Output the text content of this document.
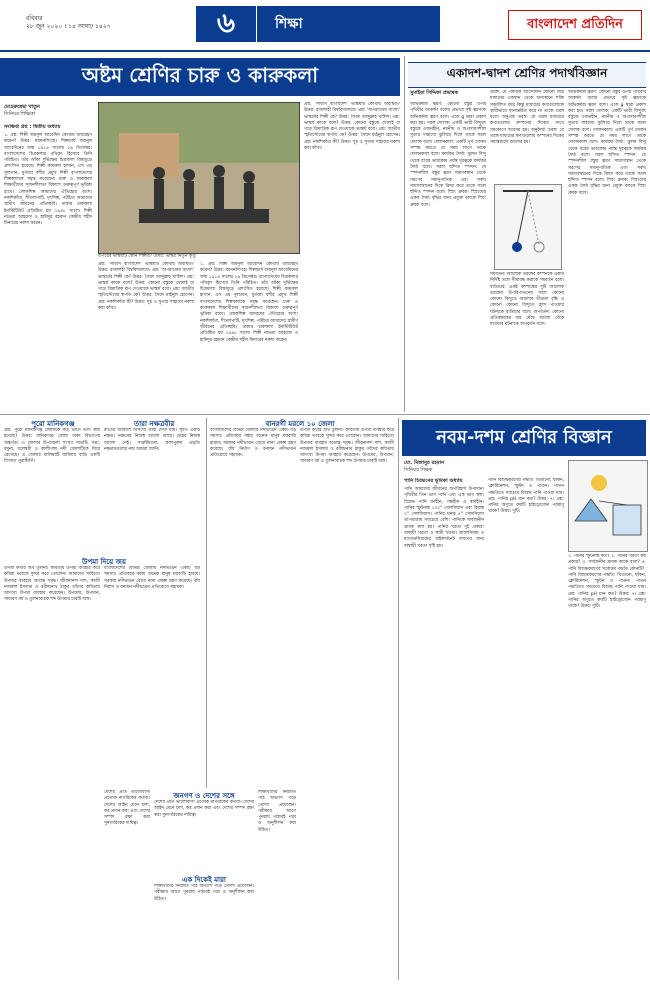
রবিবার
২৮ জুন ২০২০ । ১৪ আষাঢ় ১৪২৭	৬	শিক্ষা	বাংলাদেশ প্রতিদিন
অষ্টম শ্রেণির চারু ও কারুকলা
মেহেরুন্নেছা খাতুন
সিনিয়র শিক্ষিকা
সংক্ষিপ্ত প্রশ্ন : দ্বিতীয় অধ্যায়

১. প্রশ্ন: শিল্পী জয়নুল আবেদিন কোথায় জন্মগ্রহণ করেন? উত্তর: ময়মনসিংহে। শিল্পাচার্য জয়নুল আবেদিনের জন্ম ১৯১৪ সালের ২৯ ডিসেম্বর। বাংলাদেশের চিত্রকলার পথিকৃৎ হিসেবে তিনি পরিচিত। তাঁর আঁকা দুর্ভিক্ষের চিত্রমালা বিশ্বজুড়ে প্রশংসিত হয়েছে। শিল্পী কামরুল হাসান, এস এম সুলতান, মুর্তজা বশীর প্রমুখ শিল্পী বাংলাদেশের শিল্পকলাকে সমৃদ্ধ করেছেন। চারু ও কারুকলা শিক্ষার্থীদের সৃজনশীলতা বিকাশে গুরুত্বপূর্ণ ভূমিকা রাখে। লোকশিল্প আমাদের ঐতিহ্যের অংশ। নকশিকাঁথা, শীতলপাটি, মৃৎশিল্প, পটচিত্র আমাদের গ্রামীণ জীবনের প্রতিচ্ছবি। ঢাকার চারুকলা ইনস্টিটিউট প্রতিষ্ঠিত হয় ১৯৪৮ সালে। শিল্পী নভেরা আহমেদ ও হামিদুর রহমান কেন্দ্রীয় শহীদ মিনারের নকশা করেন।

উপরের ভাস্কর্যটি কোন শিল্পীর? উত্তর: ভাস্কর নিতুন কুণ্ডু

প্রশ্ন: ‘সাবাস বাংলাদেশ’ ভাস্কর্যটি কোথায় অবস্থিত? উত্তর: রাজশাহী বিশ্ববিদ্যালয়ে। প্রশ্ন: ‘অপরাজেয় বাংলা’ ভাস্কর্যের শিল্পী কে? উত্তর: সৈয়দ আব্দুল্লাহ খালিদ। প্রশ্ন: ভাস্কর্য কাকে বলে? উত্তর: কোনো বস্তুকে খোদাই বা গড়ে ত্রিমাত্রিক রূপ দেওয়াকে ভাস্কর্য বলে। প্রশ্ন: জাতীয় স্মৃতিসৌধের স্থপতি কে? উত্তর: সৈয়দ মাইনুল হোসেন। প্রশ্ন: নকশিকাঁথা কী? উত্তর: সুচ ও সুতার সাহায্যে নকশা করা কাঁথা।

১. প্রশ্ন: শিল্পী জয়নুল আবেদিন কোথায় জন্মগ্রহণ করেন? উত্তর: ময়মনসিংহে। শিল্পাচার্য জয়নুল আবেদিনের জন্ম ১৯১৪ সালের ২৯ ডিসেম্বর। বাংলাদেশের চিত্রকলার পথিকৃৎ হিসেবে তিনি পরিচিত। তাঁর আঁকা দুর্ভিক্ষের চিত্রমালা বিশ্বজুড়ে প্রশংসিত হয়েছে। শিল্পী কামরুল হাসান, এস এম সুলতান, মুর্তজা বশীর প্রমুখ শিল্পী বাংলাদেশের শিল্পকলাকে সমৃদ্ধ করেছেন। চারু ও কারুকলা শিক্ষার্থীদের সৃজনশীলতা বিকাশে গুরুত্বপূর্ণ ভূমিকা রাখে। লোকশিল্প আমাদের ঐতিহ্যের অংশ। নকশিকাঁথা, শীতলপাটি, মৃৎশিল্প, পটচিত্র আমাদের গ্রামীণ জীবনের প্রতিচ্ছবি। ঢাকার চারুকলা ইনস্টিটিউট প্রতিষ্ঠিত হয় ১৯৪৮ সালে। শিল্পী নভেরা আহমেদ ও হামিদুর রহমান কেন্দ্রীয় শহীদ মিনারের নকশা করেন।

প্রশ্ন: ‘সাবাস বাংলাদেশ’ ভাস্কর্যটি কোথায় অবস্থিত? উত্তর: রাজশাহী বিশ্ববিদ্যালয়ে। প্রশ্ন: ‘অপরাজেয় বাংলা’ ভাস্কর্যের শিল্পী কে? উত্তর: সৈয়দ আব্দুল্লাহ খালিদ। প্রশ্ন: ভাস্কর্য কাকে বলে? উত্তর: কোনো বস্তুকে খোদাই বা গড়ে ত্রিমাত্রিক রূপ দেওয়াকে ভাস্কর্য বলে। প্রশ্ন: জাতীয় স্মৃতিসৌধের স্থপতি কে? উত্তর: সৈয়দ মাইনুল হোসেন। প্রশ্ন: নকশিকাঁথা কী? উত্তর: সুচ ও সুতার সাহায্যে নকশা করা কাঁথা।

একাদশ-দ্বাদশ শ্রেণির পদার্থবিজ্ঞান
সুমাইয়া সিদ্দিকা প্রভাষক

অভিকর্ষজ ত্বরণ: কোনো বস্তুর উপর পৃথিবীর আকর্ষণ বলের প্রভাবে সৃষ্ট ত্বরণকে অভিকর্ষজ ত্বরণ বলে। একে g দ্বারা প্রকাশ করা হয়। সরল দোলক: একটি ভারী বিন্দুবৎ বস্তুকে ওজনহীন, নমনীয় ও অপ্রসারণশীল সুতার সাহায্যে ঝুলিয়ে দিলে তাকে সরল দোলক বলে। দোলনকাল: একটি পূর্ণ দোলন সম্পন্ন করতে যে সময় লাগে তাকে দোলনকাল বলে। কার্যকর দৈর্ঘ্য: ঝুলন বিন্দু থেকে ববের ভারকেন্দ্র পর্যন্ত দূরত্বকে কার্যকর দৈর্ঘ্য বলে। সরল ছন্দিত স্পন্দন: যে স্পন্দনশীল বস্তুর ত্বরণ সাম্যাবস্থান থেকে সরণের সমানুপাতিক এবং সর্বদা সাম্যাবস্থানের দিকে ক্রিয়া করে তাকে সরল ছন্দিত স্পন্দন বলে। স্প্রিং ধ্রুবক: স্প্রিংয়ের একক দৈর্ঘ্য বৃদ্ধির জন্য প্রযুক্ত বলকে স্প্রিং ধ্রুবক বলে।

তরঙ্গ: যে পর্যাবৃত্ত আন্দোলন কোনো জড় মাধ্যমের একস্থান থেকে অন্যস্থানে শক্তি সঞ্চালিত করে কিন্তু মাধ্যমের কণাগুলোকে স্থায়ীভাবে স্থানান্তরিত করে না তাকে তরঙ্গ বলে। অনুপ্রস্থ তরঙ্গ: যে তরঙ্গ মাধ্যমের কণাগুলোর কম্পনের দিকের সাথে সমকোণে অগ্রসর হয়। অনুদৈর্ঘ্য তরঙ্গ: যে তরঙ্গ মাধ্যমের কণাগুলোর কম্পনের দিকের সমান্তরালে অগ্রসর হয়।

সমবর্তন: আলোক তরঙ্গের কম্পনকে একটি নির্দিষ্ট তলে সীমাবদ্ধ করাকে সমবর্তন বলে। ব্যতিচার: একই কম্পাঙ্কের দুটি আলোক তরঙ্গের উপরিপাতনের ফলে কোনো কোনো বিন্দুতে আলোর তীব্রতা বৃদ্ধি ও কোনো কোনো বিন্দুতে হ্রাস পাওয়ার ঘটনাকে ব্যতিচার বলে। অপবর্তন: কোনো প্রতিবন্ধকের ধার ঘেঁষে আলো বেঁকে যাওয়ার ঘটনাকে অপবর্তন বলে।

অভিকর্ষজ ত্বরণ: কোনো বস্তুর উপর পৃথিবীর আকর্ষণ বলের প্রভাবে সৃষ্ট ত্বরণকে অভিকর্ষজ ত্বরণ বলে। একে g দ্বারা প্রকাশ করা হয়। সরল দোলক: একটি ভারী বিন্দুবৎ বস্তুকে ওজনহীন, নমনীয় ও অপ্রসারণশীল সুতার সাহায্যে ঝুলিয়ে দিলে তাকে সরল দোলক বলে। দোলনকাল: একটি পূর্ণ দোলন সম্পন্ন করতে যে সময় লাগে তাকে দোলনকাল বলে। কার্যকর দৈর্ঘ্য: ঝুলন বিন্দু থেকে ববের ভারকেন্দ্র পর্যন্ত দূরত্বকে কার্যকর দৈর্ঘ্য বলে। সরল ছন্দিত স্পন্দন: যে স্পন্দনশীল বস্তুর ত্বরণ সাম্যাবস্থান থেকে সরণের সমানুপাতিক এবং সর্বদা সাম্যাবস্থানের দিকে ক্রিয়া করে তাকে সরল ছন্দিত স্পন্দন বলে। স্প্রিং ধ্রুবক: স্প্রিংয়ের একক দৈর্ঘ্য বৃদ্ধির জন্য প্রযুক্ত বলকে স্প্রিং ধ্রুবক বলে।

পুরো মানিকগঞ্জ

প্রশ্ন: পুরো মানিকগঞ্জ জেলাকে কত ভাগে ভাগ করা হয়েছে? উত্তর: মানিকগঞ্জ জেলা ঢাকা বিভাগের অন্তর্গত। এ জেলার উপজেলা সংখ্যা সাতটি। পদ্মা, যমুনা, ধলেশ্বরী ও কালীগঙ্গা নদী জেলাটিকে ঘিরে রেখেছে। এ জেলার বালিয়াটি জমিদার বাড়ি একটি বিখ্যাত পুরাকীর্তি।

তারা নক্ষত্রবীর

রাতের আকাশে অসংখ্য তারা দেখা যায়। সূর্যও একটি নক্ষত্র। নক্ষত্রের নিজস্ব আলো আছে। গ্রহের নিজস্ব আলো নেই। সপ্তর্ষিমণ্ডল, কালপুরুষ প্রভৃতি নক্ষত্রমণ্ডলের নাম আমরা জানি।

উপমা দিয়ে জয়

উপমা কথার অর্থ তুলনা। কবিতায় উপমা ব্যবহার করে কবিরা ভাবকে সুন্দর করে তোলেন। আমাদের সাহিত্যে উপমার ব্যবহার অত্যন্ত সমৃদ্ধ। জীবনানন্দ দাশ, কাজী নজরুল ইসলাম ও রবীন্দ্রনাথ ঠাকুর তাঁদের কবিতায় অসংখ্য উপমা ব্যবহার করেছেন। উপমেয়, উপমান, সাধারণ ধর্ম ও তুলনাবাচক শব্দ উপমার চারটি অঙ্গ।

বাংলাদেশের বিভিন্ন জেলায় নদীভাঙন একটি বড় সমস্যা। প্রতিবছর বর্ষায় অনেক মানুষ ঘরবাড়ি হারায়। সরকার নদীভাঙন রোধে নানা প্রকল্প গ্রহণ করেছে। বাঁধ নির্মাণ ও বনায়ন নদীভাঙন প্রতিরোধে সহায়ক।

জনগণ ও দেশের সঙ্গে

দেশের প্রতি ভালোবাসা প্রত্যেক নাগরিকের কর্তব্য। দেশের আইন মেনে চলা, কর প্রদান করা এবং দেশের সম্পদ রক্ষা করা সুনাগরিকের দায়িত্ব।

এক দিকেই মারা

শিক্ষার্থীদের নিয়মিত পাঠ অভ্যাস গড়ে তোলা প্রয়োজন। পরীক্ষার আগে পুনরায় পাঠ্যবই পড়া ও অনুশীলন করা উচিত।

দেশের প্রতি ভালোবাসা প্রত্যেক নাগরিকের কর্তব্য। দেশের আইন মেনে চলা, কর প্রদান করা এবং দেশের সম্পদ রক্ষা করা সুনাগরিকের দায়িত্ব।

বানরগী মরলে ১০ জেলা

বাংলাদেশের বিভিন্ন জেলায় নদীভাঙন একটি বড় সমস্যা। প্রতিবছর বর্ষায় অনেক মানুষ ঘরবাড়ি হারায়। সরকার নদীভাঙন রোধে নানা প্রকল্প গ্রহণ করেছে। বাঁধ নির্মাণ ও বনায়ন নদীভাঙন প্রতিরোধে সহায়ক।

উপমা কথার অর্থ তুলনা। কবিতায় উপমা ব্যবহার করে কবিরা ভাবকে সুন্দর করে তোলেন। আমাদের সাহিত্যে উপমার ব্যবহার অত্যন্ত সমৃদ্ধ। জীবনানন্দ দাশ, কাজী নজরুল ইসলাম ও রবীন্দ্রনাথ ঠাকুর তাঁদের কবিতায় অসংখ্য উপমা ব্যবহার করেছেন। উপমেয়, উপমান, সাধারণ ধর্ম ও তুলনাবাচক শব্দ উপমার চারটি অঙ্গ।

শিক্ষার্থীদের নিয়মিত পাঠ অভ্যাস গড়ে তোলা প্রয়োজন। পরীক্ষার আগে পুনরায় পাঠ্যবই পড়া ও অনুশীলন করা উচিত।

নবম-দশম শ্রেণির বিজ্ঞান
মো. মিজানুর রহমান
সিনিয়র শিক্ষক
পানি চিরন্তনের ভূমিকা অধ্যায়

পানি আমাদের জীবনের অপরিহার্য উপাদান। পৃথিবীর তিন ভাগ পানি এবং এক ভাগ স্থল। বিশুদ্ধ পানি বর্ণহীন, গন্ধহীন ও স্বাদহীন। পানির স্ফুটনাঙ্ক ১০০° সেলসিয়াস এবং হিমাঙ্ক ০° সেলসিয়াস। পানির ঘনত্ব ৪° সেলসিয়াস তাপমাত্রায় সবচেয়ে বেশি। পানিকে সার্বজনীন দ্রাবক বলা হয়। পানির খরতা দুই প্রকার: অস্থায়ী খরতা ও স্থায়ী খরতা। ক্যালসিয়াম ও ম্যাগনেসিয়ামের বাইকার্বনেট লবণের জন্য অস্থায়ী খরতা সৃষ্টি হয়।

পানি বিশুদ্ধকরণের পদ্ধতি: থিতানো, ছাঁকন, ক্লোরিনেশন, স্ফুটন ও পাতন। পাতন পদ্ধতিতে সবচেয়ে বিশুদ্ধ পানি পাওয়া যায়। প্রশ্ন: পানির pH মান কত? উত্তর: ৭। প্রশ্ন: পানির অণুতে কয়টি হাইড্রোজেন পরমাণু থাকে? উত্তর: দুটি।

১. পানির স্ফুটনাঙ্ক কত? ২. পানির খরতা কয় প্রকার? ৩. সার্বজনীন দ্রাবক কাকে বলে? ৪. পানি বিশুদ্ধকরণের সর্বোত্তম পদ্ধতি কোনটি?

পানি বিশুদ্ধকরণের পদ্ধতি: থিতানো, ছাঁকন, ক্লোরিনেশন, স্ফুটন ও পাতন। পাতন পদ্ধতিতে সবচেয়ে বিশুদ্ধ পানি পাওয়া যায়। প্রশ্ন: পানির pH মান কত? উত্তর: ৭। প্রশ্ন: পানির অণুতে কয়টি হাইড্রোজেন পরমাণু থাকে? উত্তর: দুটি।
